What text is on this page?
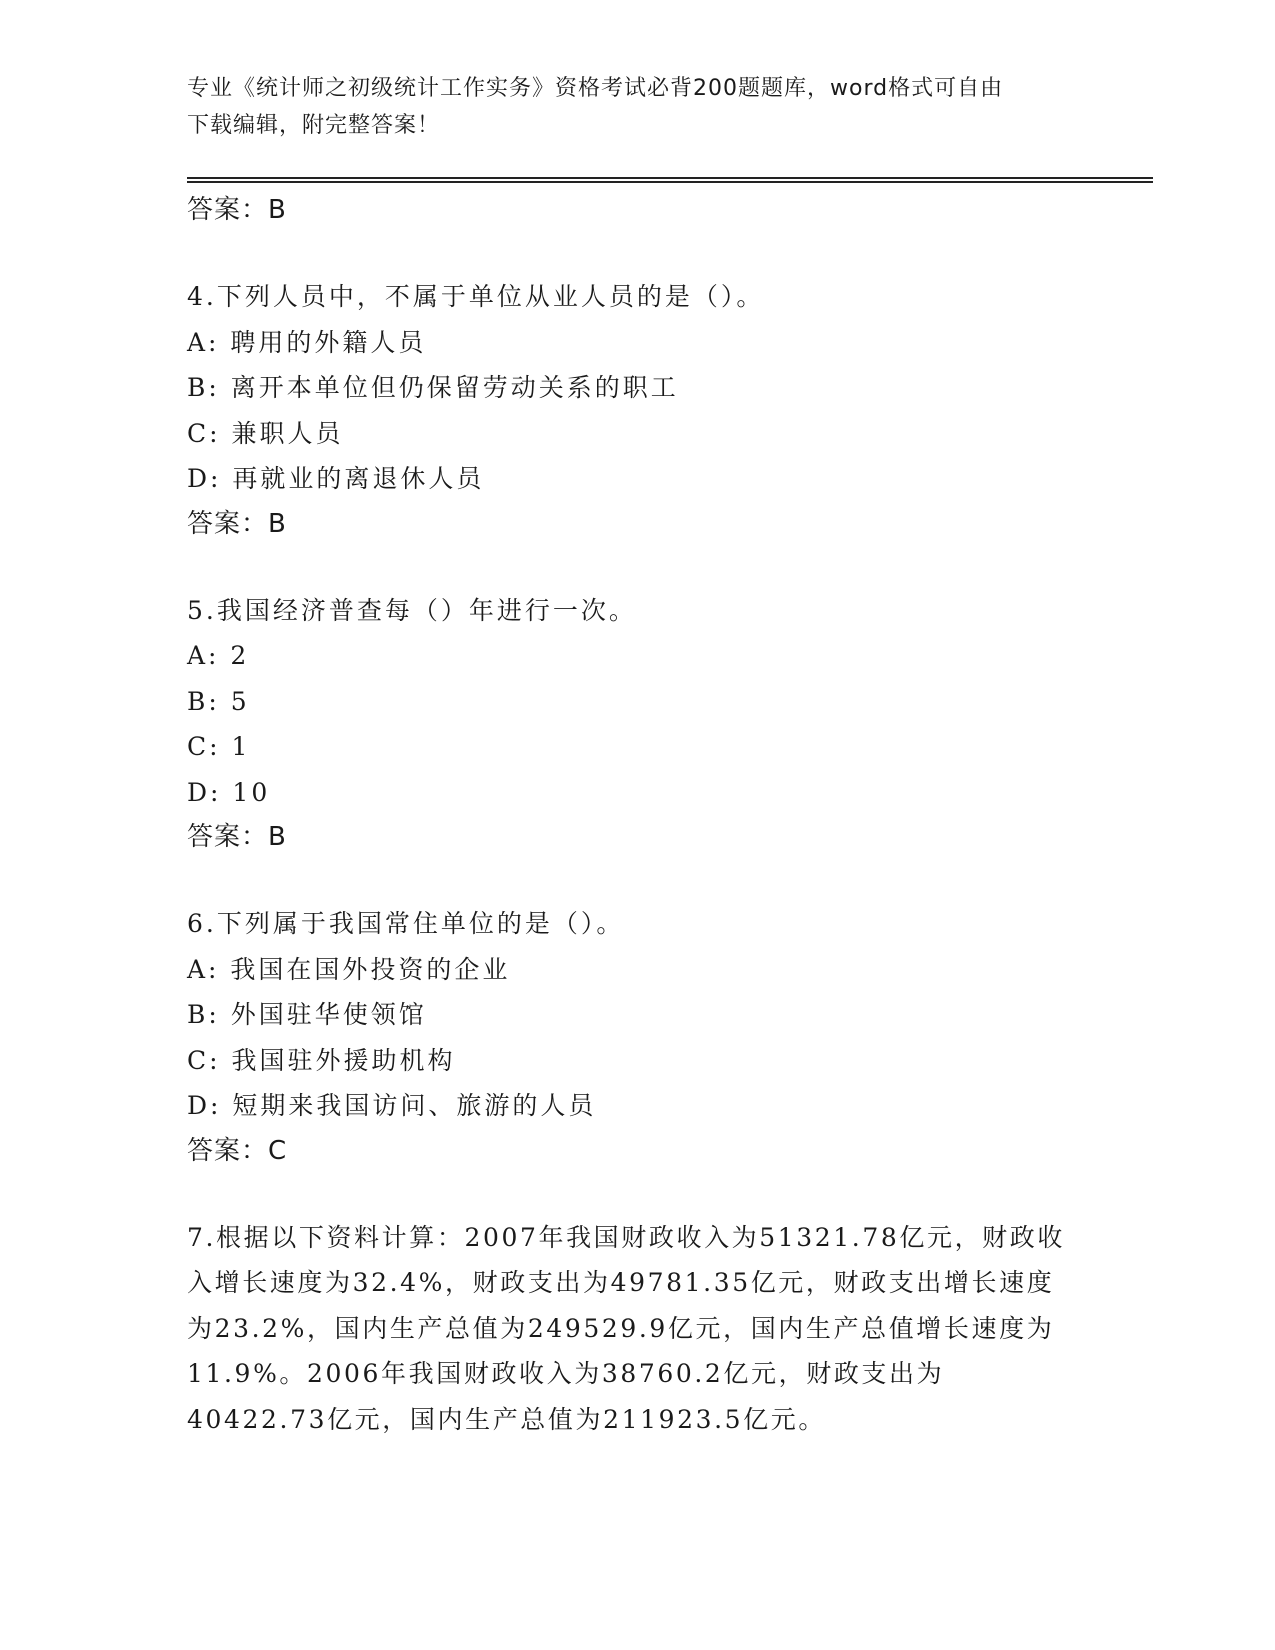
专业《统计师之初级统计工作实务》资格考试必背200题题库，word格式可自由
下载编辑，附完整答案！
答案：B
4.下列人员中，不属于单位从业人员的是（）。
A: 聘用的外籍人员
B: 离开本单位但仍保留劳动关系的职工
C: 兼职人员
D: 再就业的离退休人员
答案：B
5.我国经济普查每（）年进行一次。
A: 2
B: 5
C: 1
D: 10
答案：B
6.下列属于我国常住单位的是（）。
A: 我国在国外投资的企业
B: 外国驻华使领馆
C: 我国驻外援助机构
D: 短期来我国访问、旅游的人员
答案：C
7.根据以下资料计算：2007年我国财政收入为51321.78亿元，财政收入增长速度为32.4%，财政支出为49781.35亿元，财政支出增长速度为23.2%，国内生产总值为249529.9亿元，国内生产总值增长速度为11.9%。2006年我国财政收入为38760.2亿元，财政支出为40422.73亿元，国内生产总值为211923.5亿元。
